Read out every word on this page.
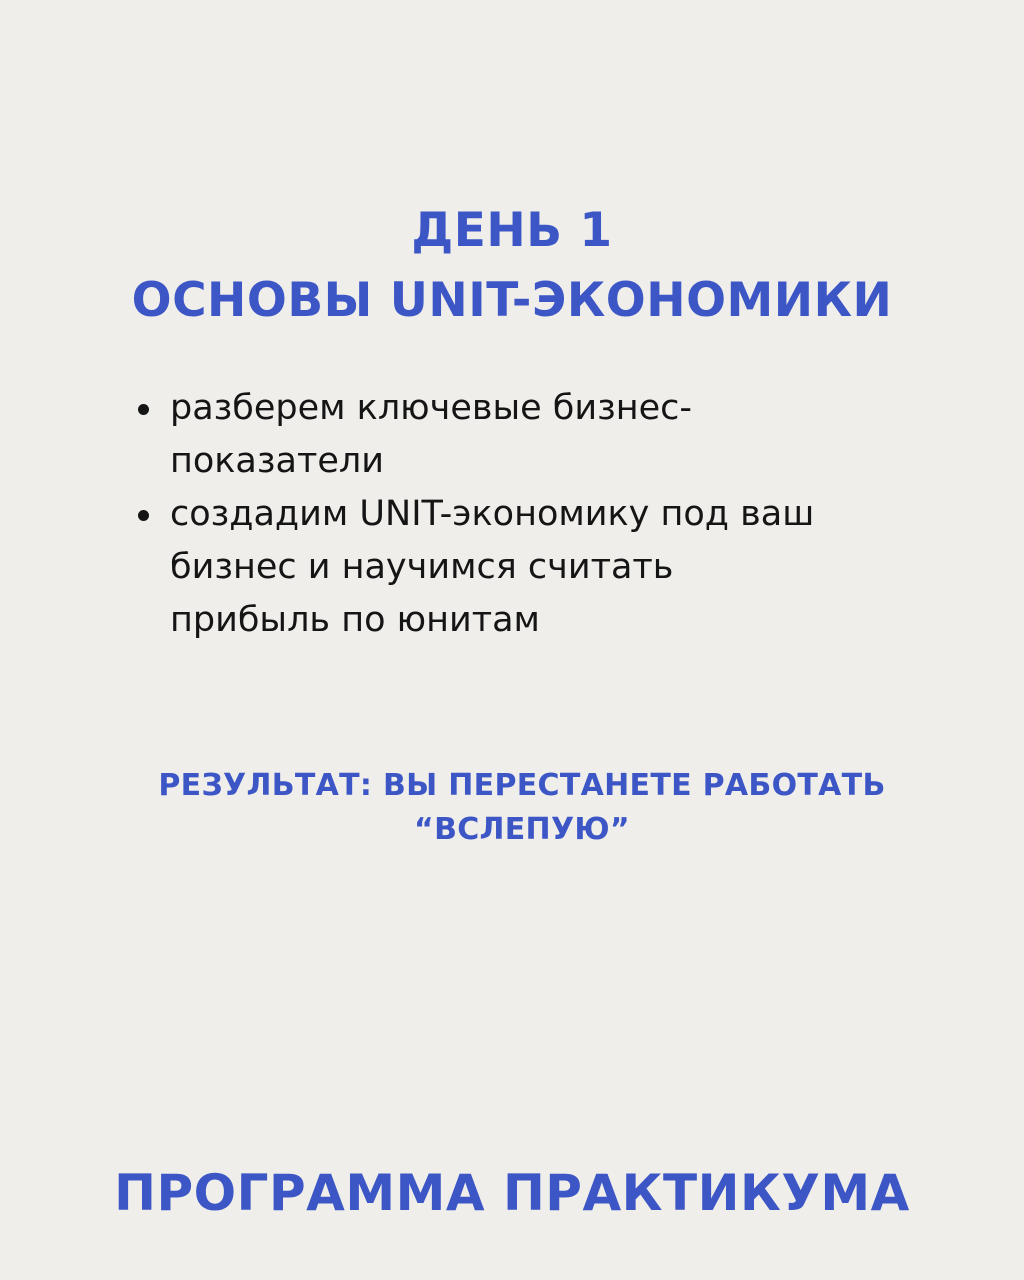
ДЕНЬ 1
ОСНОВЫ UNIT-ЭКОНОМИКИ
разберем ключевые бизнес-
показатели
создадим UNIT-экономику под ваш
бизнес и научимся считать
прибыль по юнитам

РЕЗУЛЬТАТ: ВЫ ПЕРЕСТАНЕТЕ РАБОТАТЬ
“ВСЛЕПУЮ”

ПРОГРАММА ПРАКТИКУМА
